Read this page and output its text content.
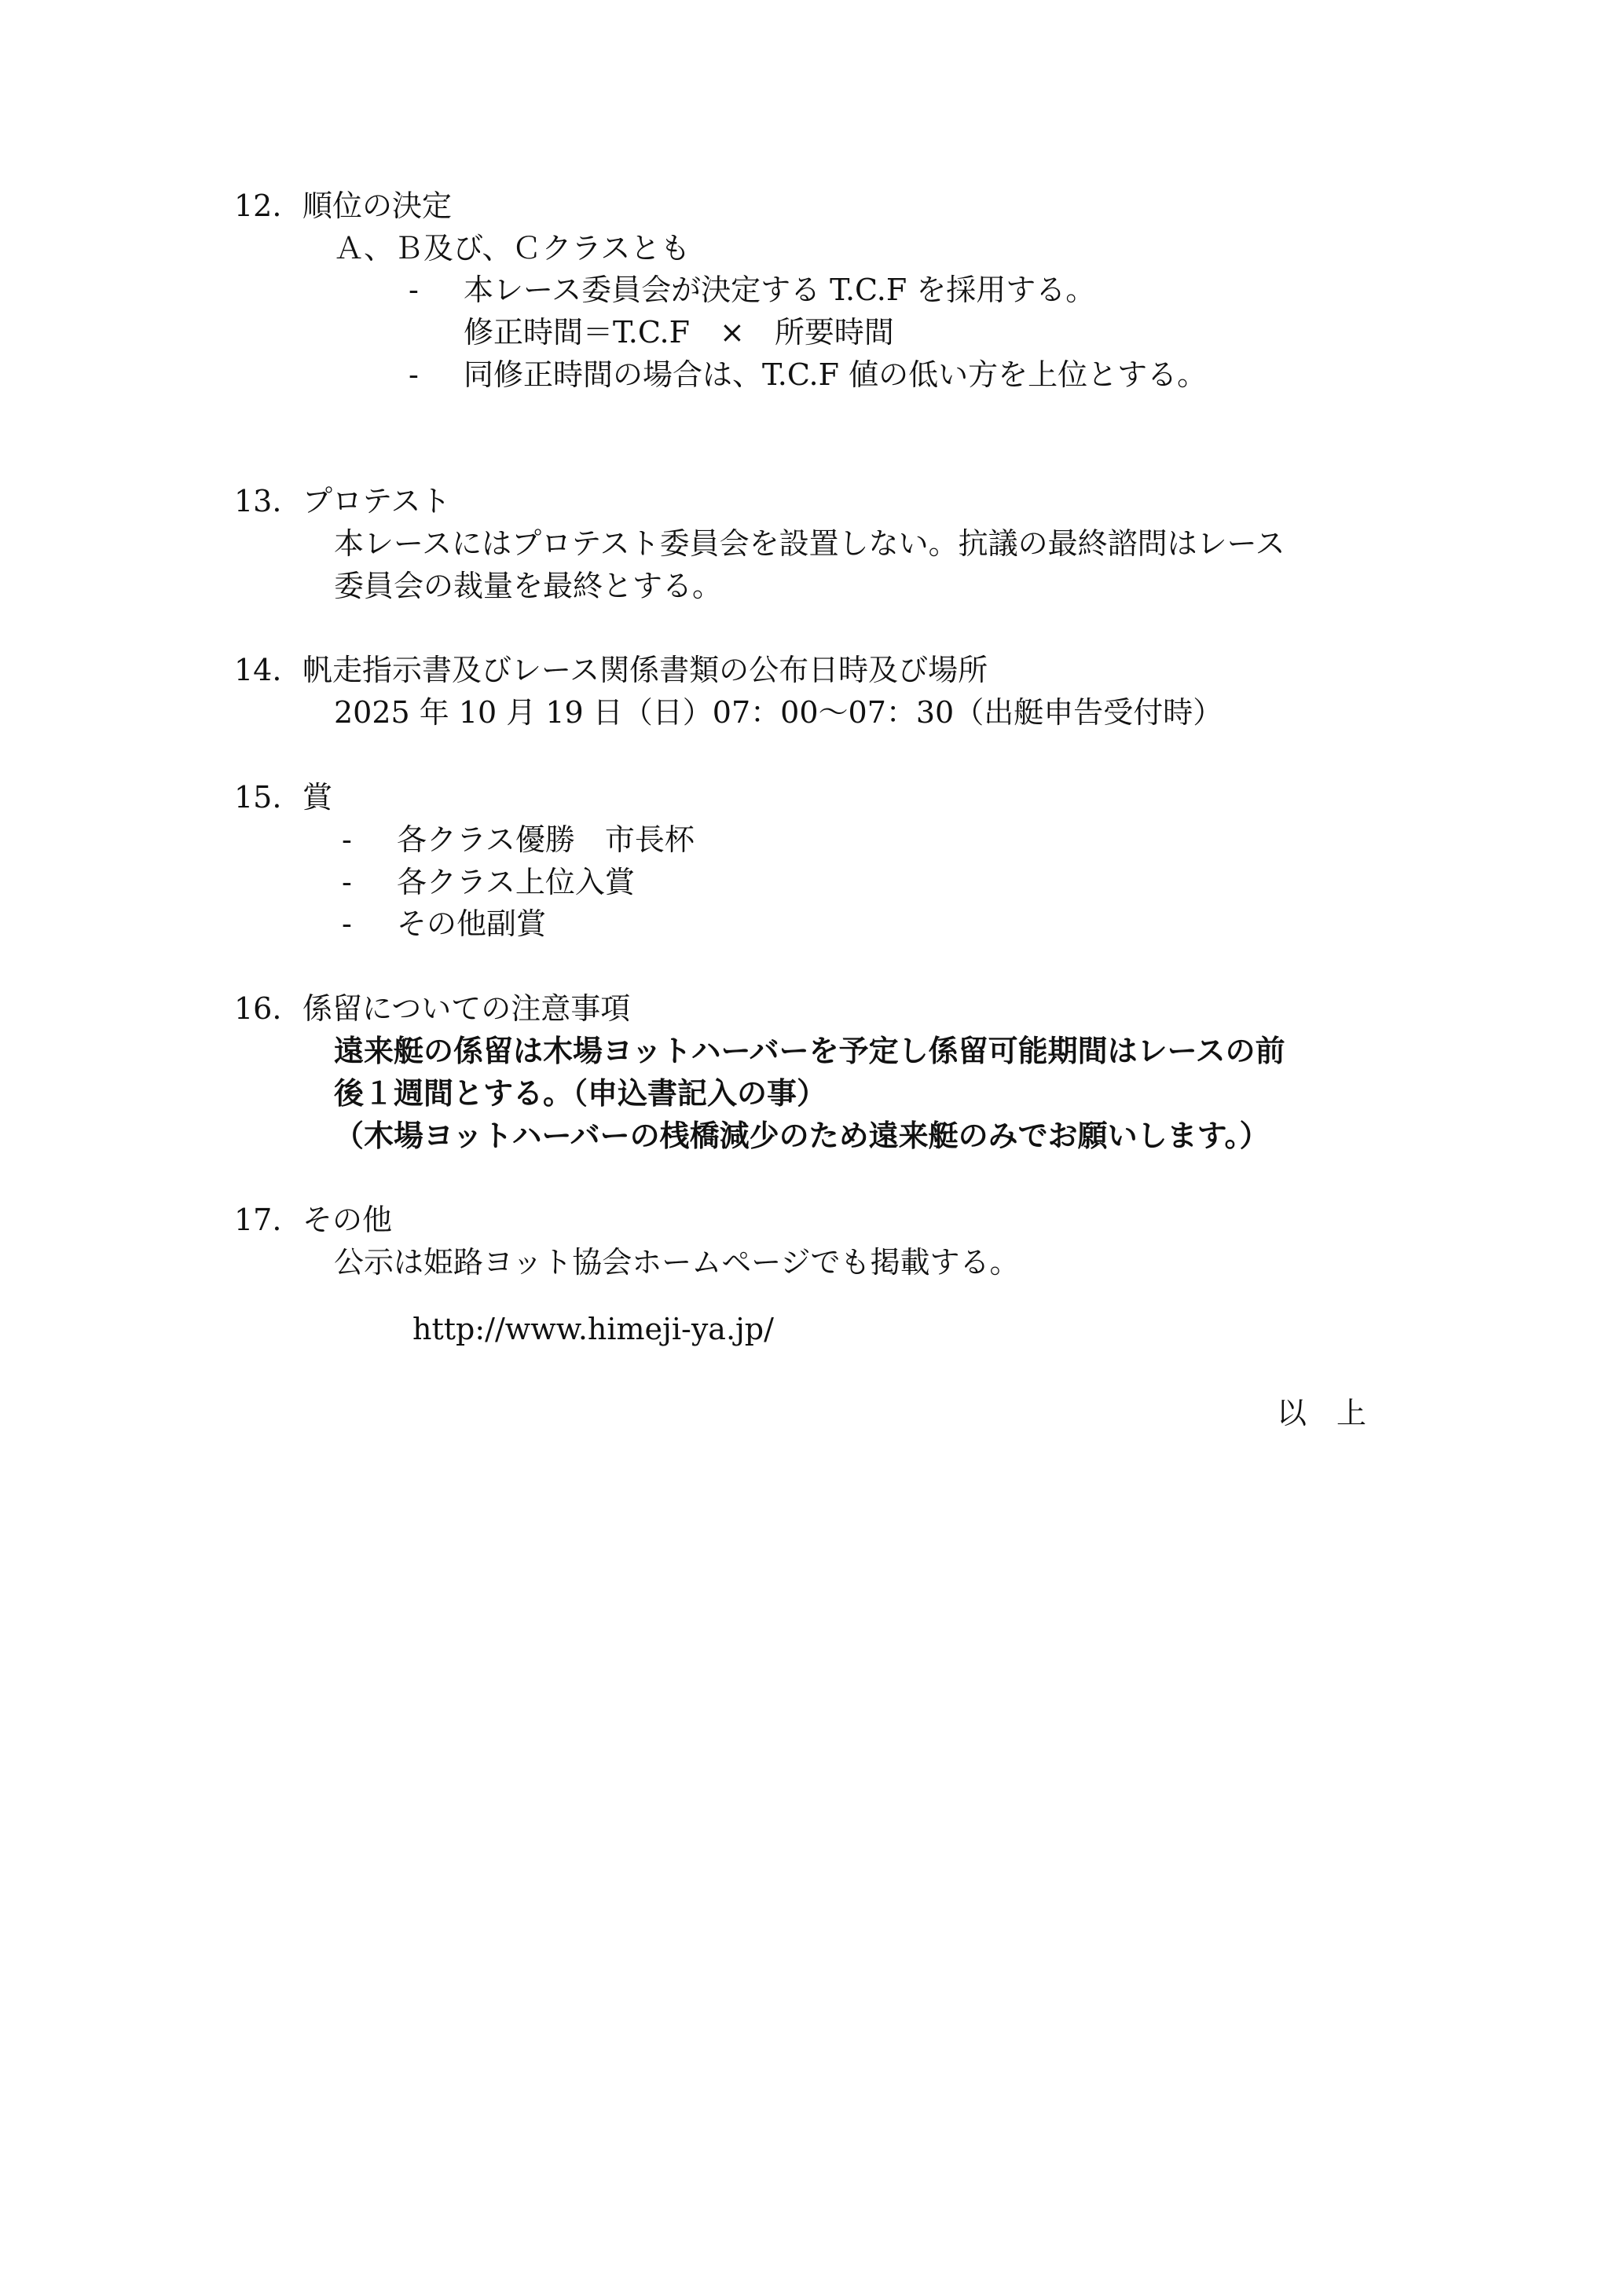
12. 順位の決定
Ａ、Ｂ及び、Ｃクラスとも
- 本レース委員会が決定する T.C.F を採用する。
修正時間＝T.C.F　×　所要時間
- 同修正時間の場合は、T.C.F 値の低い方を上位とする。
13. プロテスト
本レースにはプロテスト委員会を設置しない。抗議の最終諮問はレース
委員会の裁量を最終とする。
14. 帆走指示書及びレース関係書類の公布日時及び場所
2025 年 10 月 19 日（日）07：00～07：30（出艇申告受付時）
15. 賞
- 各クラス優勝　市長杯
- 各クラス上位入賞
- その他副賞
16. 係留についての注意事項
遠来艇の係留は木場ヨットハーバーを予定し係留可能期間はレースの前
後１週間とする。（申込書記入の事）
（木場ヨットハーバーの桟橋減少のため遠来艇のみでお願いします。）
17. その他
公示は姫路ヨット協会ホームページでも掲載する。
http://www.himeji-ya.jp/
以　上
